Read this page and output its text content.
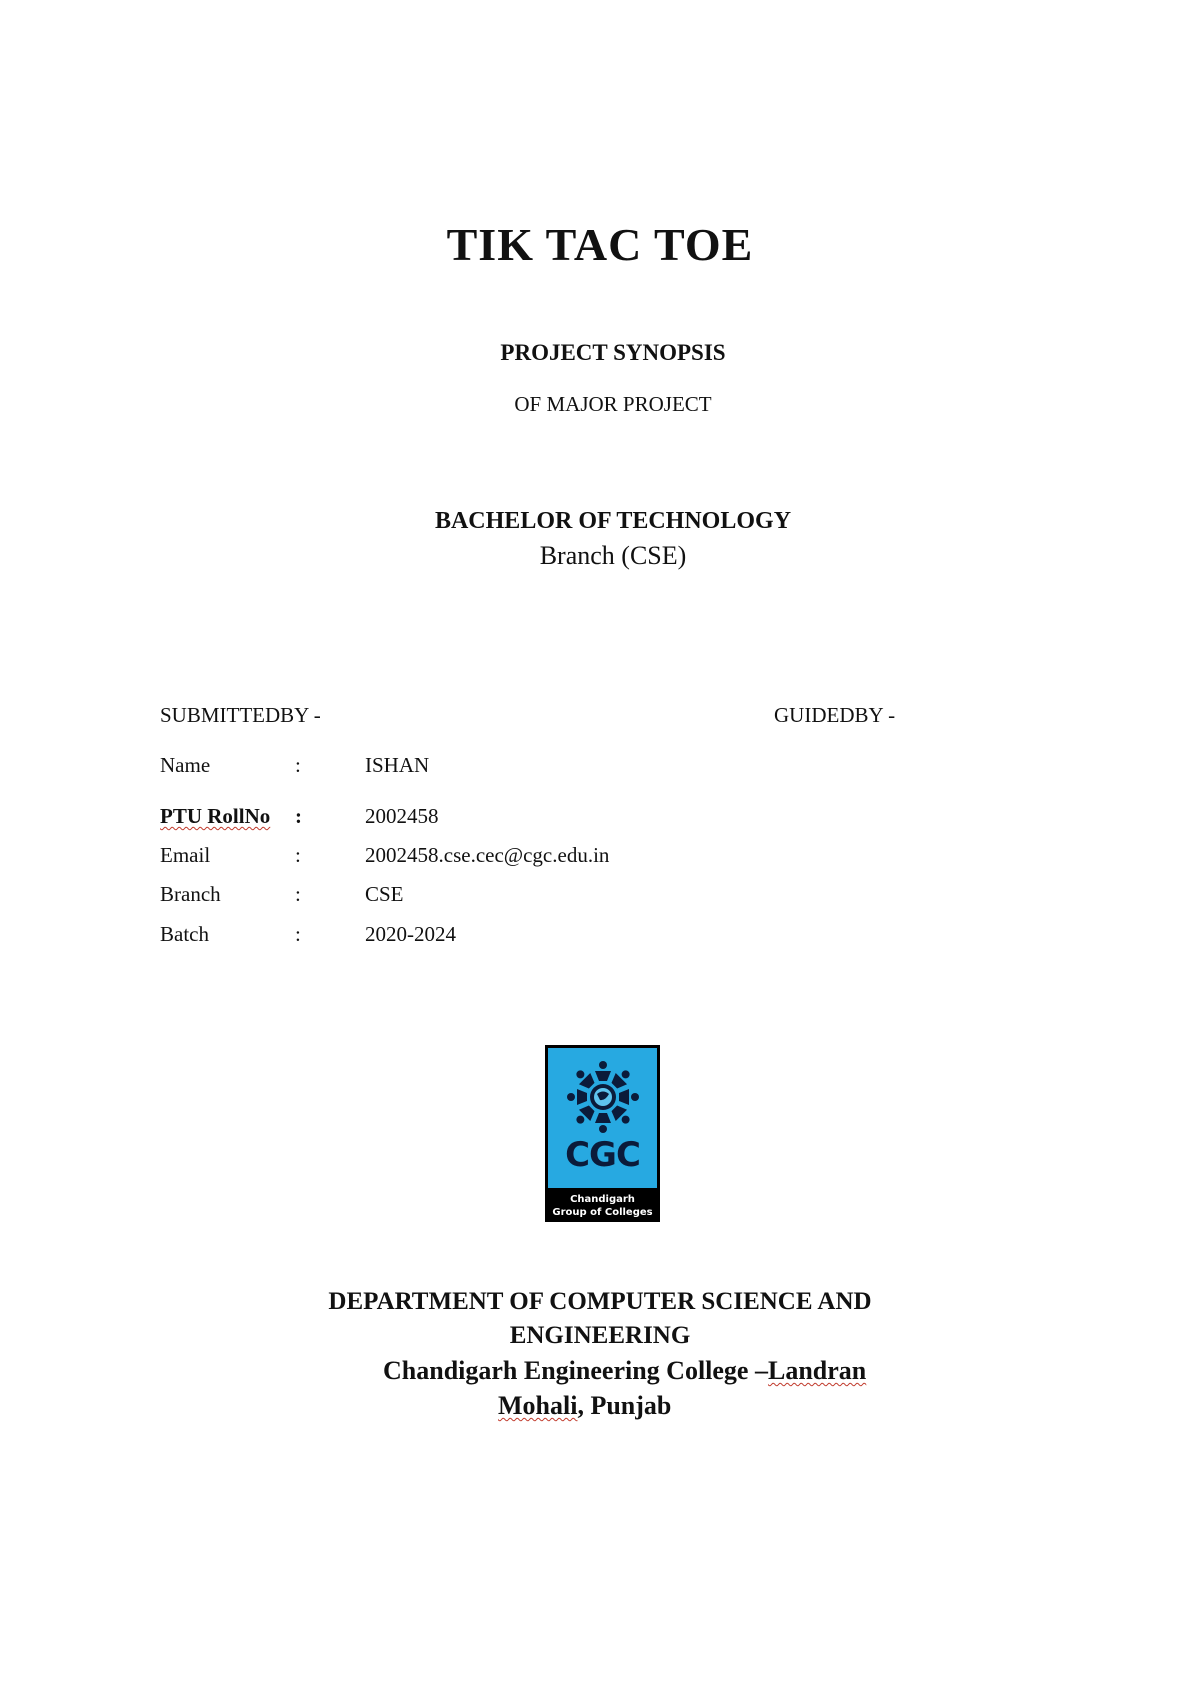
TIK TAC TOE
PROJECT SYNOPSIS
OF MAJOR PROJECT
BACHELOR OF TECHNOLOGY
Branch (CSE)
SUBMITTEDBY -	GUIDEDBY -
Name	:	ISHAN
PTU RollNo :	2002458
Email	:	2002458.cse.cec@cgc.edu.in
Branch	:	CSE
Batch	:	2020-2024
CGC
Chandigarh
Group of Colleges
DEPARTMENT OF COMPUTER SCIENCE AND
ENGINEERING
Chandigarh Engineering College –Landran
Mohali, Punjab
